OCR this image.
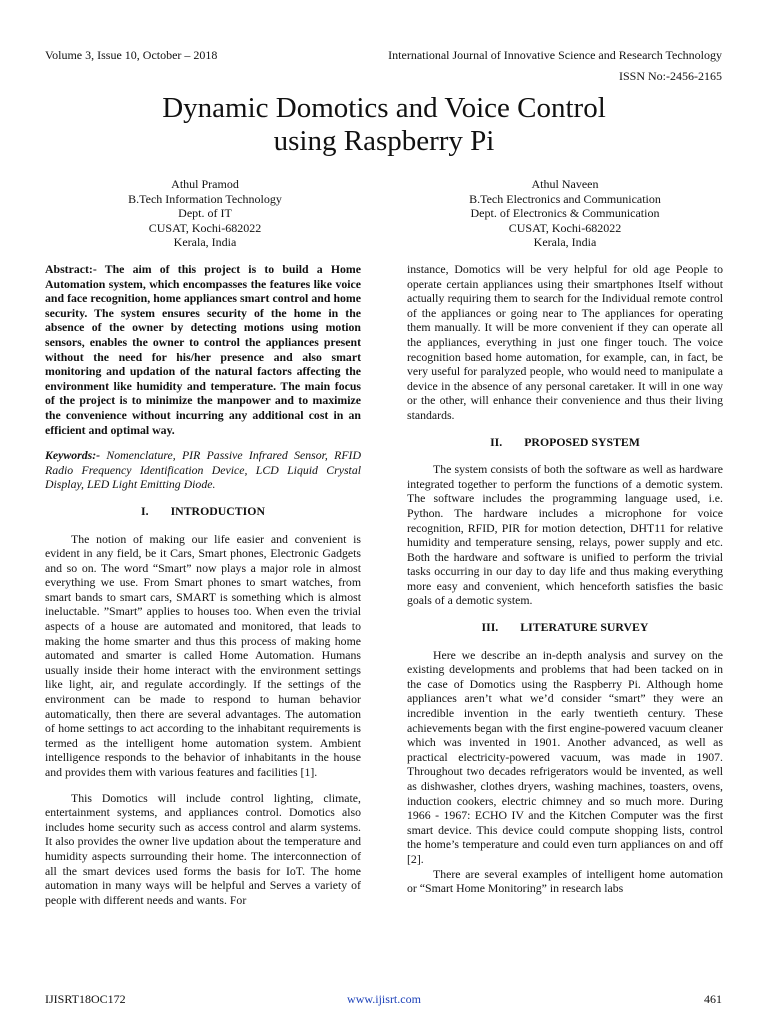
Volume 3, Issue 10, October – 2018	International Journal of Innovative Science and Research Technology
ISSN No:-2456-2165
Dynamic Domotics and Voice Control
using Raspberry Pi
Athul Pramod
B.Tech Information Technology
Dept. of IT
CUSAT, Kochi-682022
Kerala, India
Athul Naveen
B.Tech Electronics and Communication
Dept. of Electronics & Communication
CUSAT, Kochi-682022
Kerala, India

Abstract:- The aim of this project is to build a Home Automation system, which encompasses the features like voice and face recognition, home appliances smart control and home security. The system ensures security of the home in the absence of the owner by detecting motions using motion sensors, enables the owner to control the appliances present without the need for his/her presence and also smart monitoring and updation of the natural factors affecting the environment like humidity and temperature. The main focus of the project is to minimize the manpower and to maximize the convenience without incurring any additional cost in an efficient and optimal way.

Keywords:- Nomenclature, PIR Passive Infrared Sensor, RFID Radio Frequency Identification Device, LCD Liquid Crystal Display, LED Light Emitting Diode.

I. INTRODUCTION

The notion of making our life easier and convenient is evident in any field, be it Cars, Smart phones, Electronic Gadgets and so on. The word “Smart” now plays a major role in almost everything we use. From Smart phones to smart watches, from smart bands to smart cars, SMART is something which is almost ineluctable. ”Smart” applies to houses too. When even the trivial aspects of a house are automated and monitored, that leads to making the home smarter and thus this process of making home automated and smarter is called Home Automation. Humans usually inside their home interact with the environment settings like light, air, and regulate accordingly. If the settings of the environment can be made to respond to human behavior automatically, then there are several advantages. The automation of home settings to act according to the inhabitant requirements is termed as the intelligent home automation system. Ambient intelligence responds to the behavior of inhabitants in the house and provides them with various features and facilities [1].

This Domotics will include control lighting, climate, entertainment systems, and appliances control. Domotics also includes home security such as access control and alarm systems. It also provides the owner live updation about the temperature and humidity aspects surrounding their home. The interconnection of all the smart devices used forms the basis for IoT. The home automation in many ways will be helpful and Serves a variety of people with different needs and wants. For

instance, Domotics will be very helpful for old age People to operate certain appliances using their smartphones Itself without actually requiring them to search for the Individual remote control of the appliances or going near to The appliances for operating them manually. It will be more convenient if they can operate all the appliances, everything in just one finger touch. The voice recognition based home automation, for example, can, in fact, be very useful for paralyzed people, who would need to manipulate a device in the absence of any personal caretaker. It will in one way or the other, will enhance their convenience and thus their living standards.

II. PROPOSED SYSTEM

The system consists of both the software as well as hardware integrated together to perform the functions of a demotic system. The software includes the programming language used, i.e. Python. The hardware includes a microphone for voice recognition, RFID, PIR for motion detection, DHT11 for relative humidity and temperature sensing, relays, power supply and etc. Both the hardware and software is unified to perform the trivial tasks occurring in our day to day life and thus making everything more easy and convenient, which henceforth satisfies the basic goals of a demotic system.

III. LITERATURE SURVEY

Here we describe an in-depth analysis and survey on the existing developments and problems that had been tacked on in the case of Domotics using the Raspberry Pi. Although home appliances aren’t what we’d consider “smart” they were an incredible invention in the early twentieth century. These achievements began with the first engine-powered vacuum cleaner which was invented in 1901. Another advanced, as well as practical electricity-powered vacuum, was made in 1907. Throughout two decades refrigerators would be invented, as well as dishwasher, clothes dryers, washing machines, toasters, ovens, induction cookers, electric chimney and so much more. During 1966 - 1967: ECHO IV and the Kitchen Computer was the first smart device. This device could compute shopping lists, control the home’s temperature and could even turn appliances on and off [2].

There are several examples of intelligent home automation or “Smart Home Monitoring” in research labs

IJISRT18OC172	www.ijisrt.com	461
